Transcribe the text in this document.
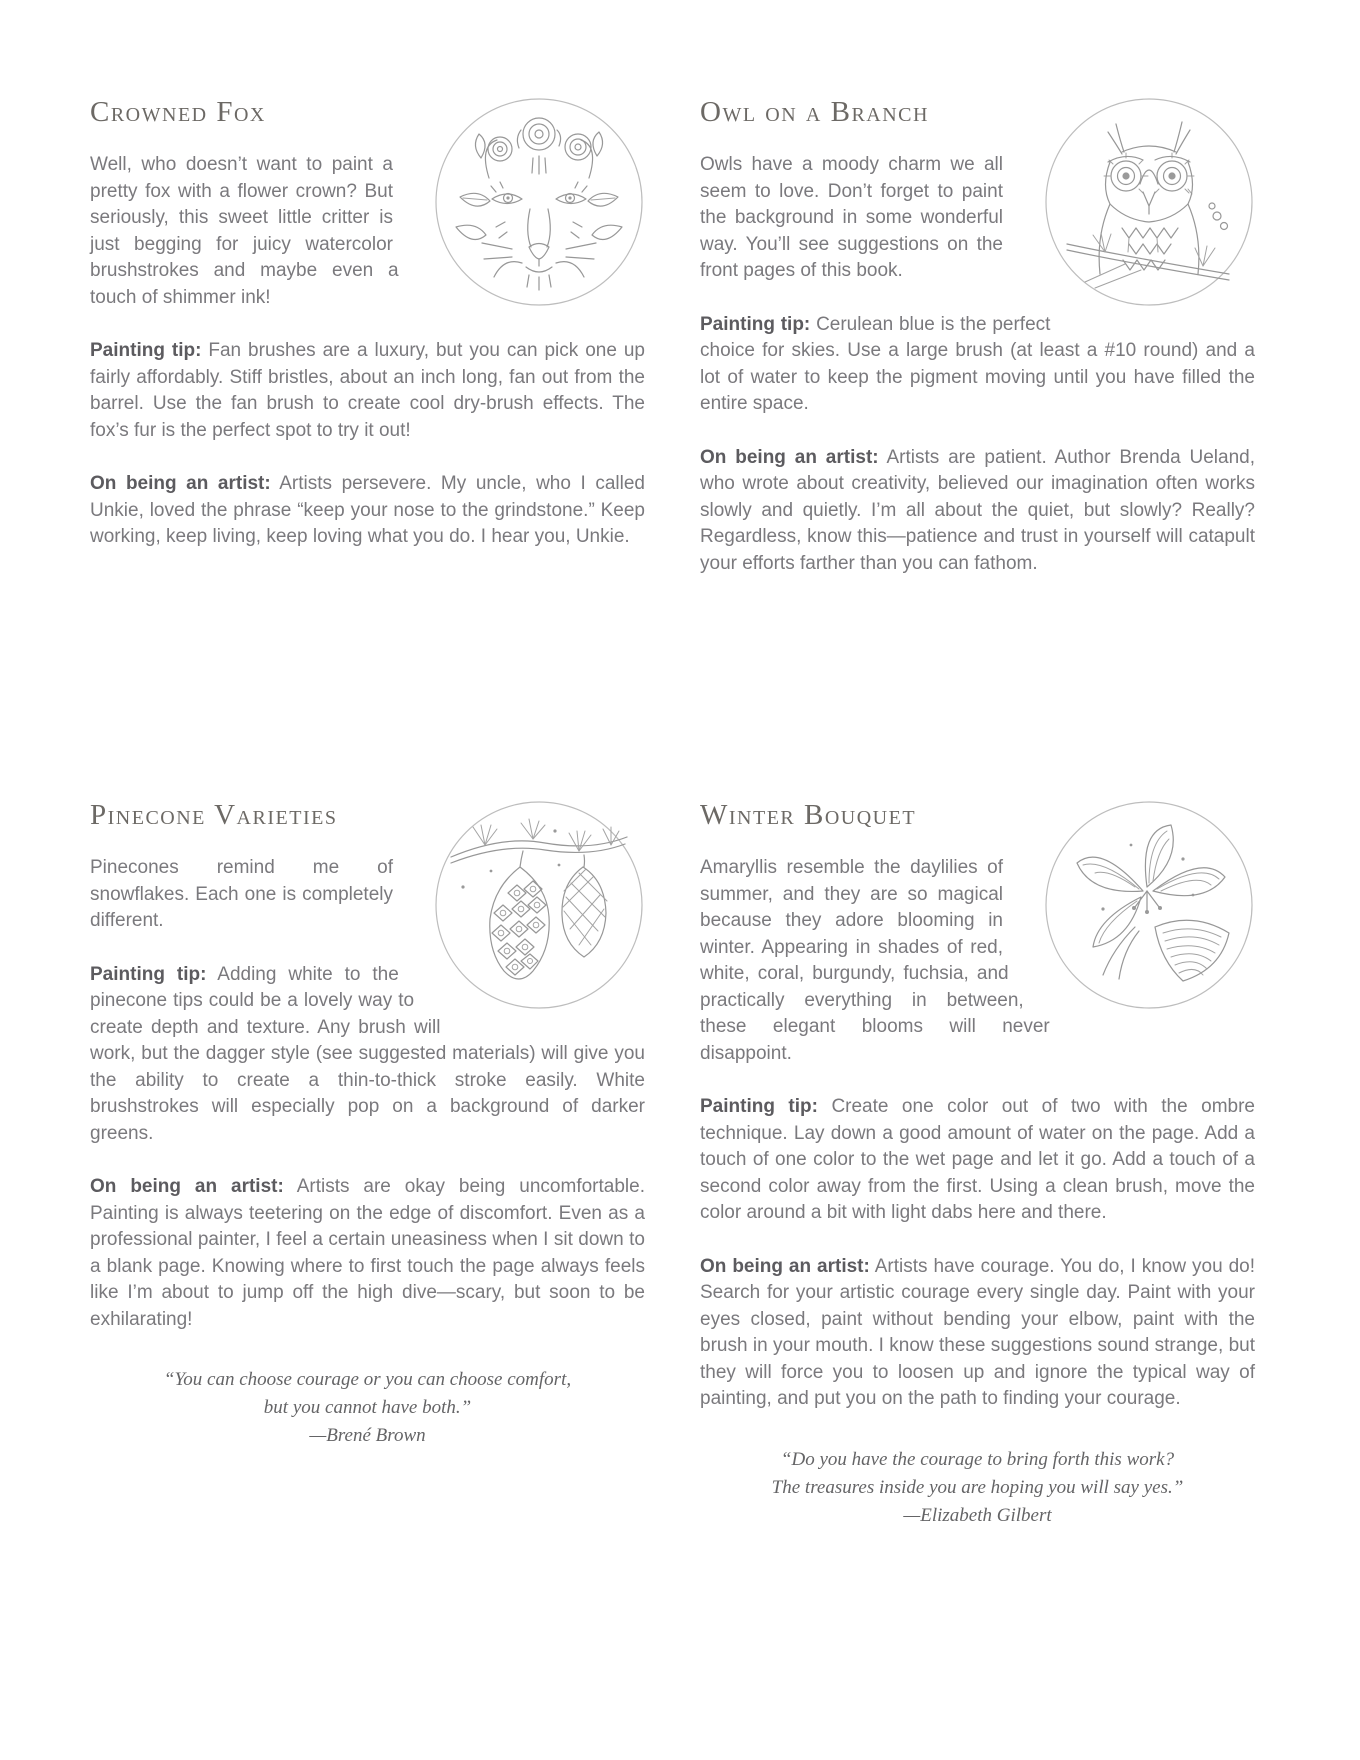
Crowned Fox

Well, who doesn’t want to paint a pretty fox with a flower crown? But seriously, this sweet little critter is just begging for juicy watercolor brushstrokes and maybe even a touch of shimmer ink!

Painting tip: Fan brushes are a luxury, but you can pick one up fairly affordably. Stiff bristles, about an inch long, fan out from the barrel. Use the fan brush to create cool dry-brush effects. The fox’s fur is the perfect spot to try it out!

On being an artist: Artists persevere. My uncle, who I called Unkie, loved the phrase “keep your nose to the grindstone.” Keep working, keep living, keep loving what you do. I hear you, Unkie.

Owl on a Branch

Owls have a moody charm we all seem to love. Don’t forget to paint the background in some wonderful way. You’ll see suggestions on the front pages of this book.

Painting tip: Cerulean blue is the perfect choice for skies. Use a large brush (at least a #10 round) and a lot of water to keep the pigment moving until you have filled the entire space.

On being an artist: Artists are patient. Author Brenda Ueland, who wrote about creativity, believed our imagination often works slowly and quietly. I’m all about the quiet, but slowly? Really? Regardless, know this—patience and trust in yourself will catapult your efforts farther than you can fathom.

Pinecone Varieties

Pinecones remind me of snowflakes. Each one is completely different.

Painting tip: Adding white to the pinecone tips could be a lovely way to create depth and texture. Any brush will work, but the dagger style (see suggested materials) will give you the ability to create a thin-to-thick stroke easily. White brushstrokes will especially pop on a background of darker greens.

On being an artist: Artists are okay being uncomfortable. Painting is always teetering on the edge of discomfort. Even as a professional painter, I feel a certain uneasiness when I sit down to a blank page. Knowing where to first touch the page always feels like I’m about to jump off the high dive—scary, but soon to be exhilarating!

“You can choose courage or you can choose comfort,
but you cannot have both.”
—Brené Brown
Winter Bouquet

Amaryllis resemble the daylilies of summer, and they are so magical because they adore blooming in winter. Appearing in shades of red, white, coral, burgundy, fuchsia, and practically everything in between, these elegant blooms will never disappoint.

Painting tip: Create one color out of two with the ombre technique. Lay down a good amount of water on the page. Add a touch of one color to the wet page and let it go. Add a touch of a second color away from the first. Using a clean brush, move the color around a bit with light dabs here and there.

On being an artist: Artists have courage. You do, I know you do! Search for your artistic courage every single day. Paint with your eyes closed, paint without bending your elbow, paint with the brush in your mouth. I know these suggestions sound strange, but they will force you to loosen up and ignore the typical way of painting, and put you on the path to finding your courage.

“Do you have the courage to bring forth this work?
The treasures inside you are hoping you will say yes.”
—Elizabeth Gilbert
